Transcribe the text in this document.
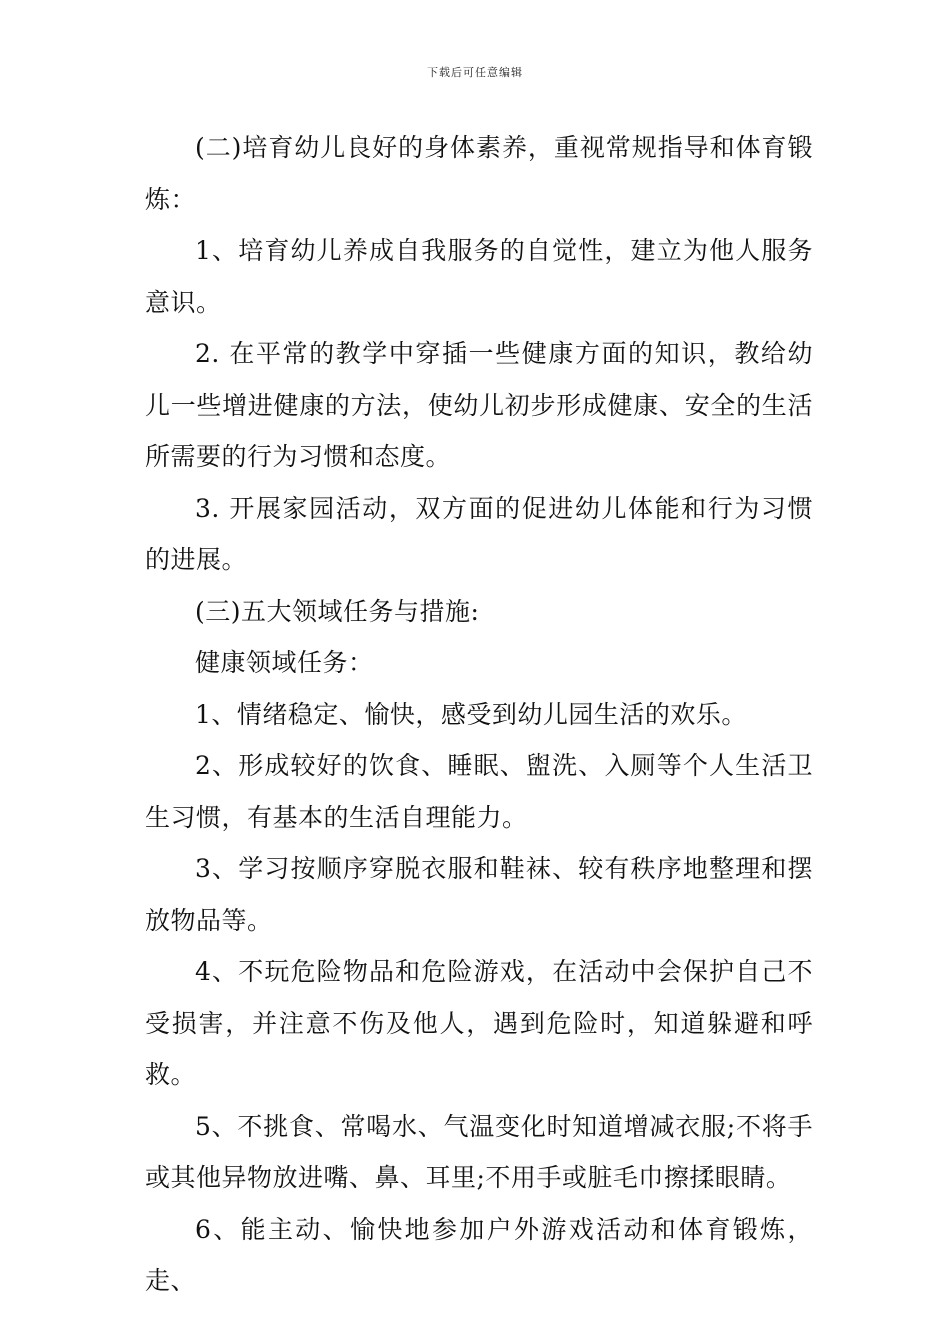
下载后可任意编辑

(二)培育幼儿良好的身体素养，重视常规指导和体育锻炼：

1、培育幼儿养成自我服务的自觉性，建立为他人服务意识。

2. 在平常的教学中穿插一些健康方面的知识，教给幼儿一些增进健康的方法，使幼儿初步形成健康、安全的生活所需要的行为习惯和态度。

3. 开展家园活动，双方面的促进幼儿体能和行为习惯的进展。

(三)五大领域任务与措施:

健康领域任务：

1、情绪稳定、愉快，感受到幼儿园生活的欢乐。

2、形成较好的饮食、睡眠、盥洗、入厕等个人生活卫生习惯，有基本的生活自理能力。

3、学习按顺序穿脱衣服和鞋袜、较有秩序地整理和摆放物品等。

4、不玩危险物品和危险游戏，在活动中会保护自己不受损害，并注意不伤及他人，遇到危险时，知道躲避和呼救。

5、不挑食、常喝水、气温变化时知道增减衣服;不将手或其他异物放进嘴、鼻、耳里;不用手或脏毛巾擦揉眼睛。

6、能主动、愉快地参加户外游戏活动和体育锻炼，走、
